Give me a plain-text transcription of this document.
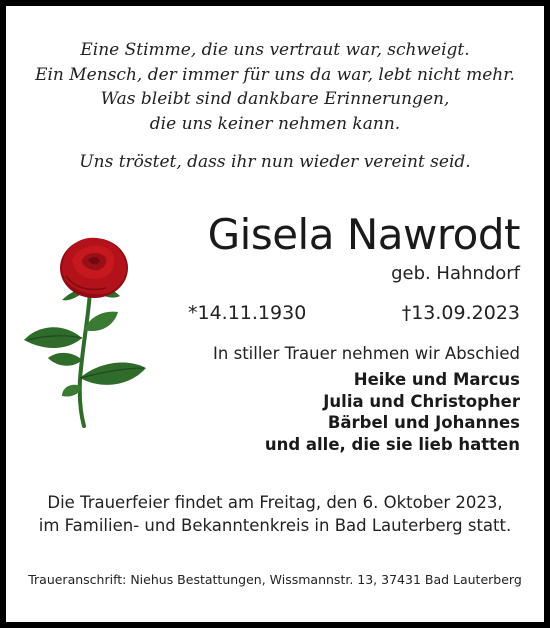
Eine Stimme, die uns vertraut war, schweigt.
Ein Mensch, der immer für uns da war, lebt nicht mehr.
Was bleibt sind dankbare Erinnerungen,
die uns keiner nehmen kann.
Uns tröstet, dass ihr nun wieder vereint seid.
Gisela Nawrodt
geb. Hahndorf
*14.11.1930	†13.09.2023
In stiller Trauer nehmen wir Abschied
Heike und Marcus
Julia und Christopher
Bärbel und Johannes
und alle, die sie lieb hatten
Die Trauerfeier findet am Freitag, den 6. Oktober 2023,
im Familien- und Bekanntenkreis in Bad Lauterberg statt.
Traueranschrift: Niehus Bestattungen, Wissmannstr. 13, 37431 Bad Lauterberg
